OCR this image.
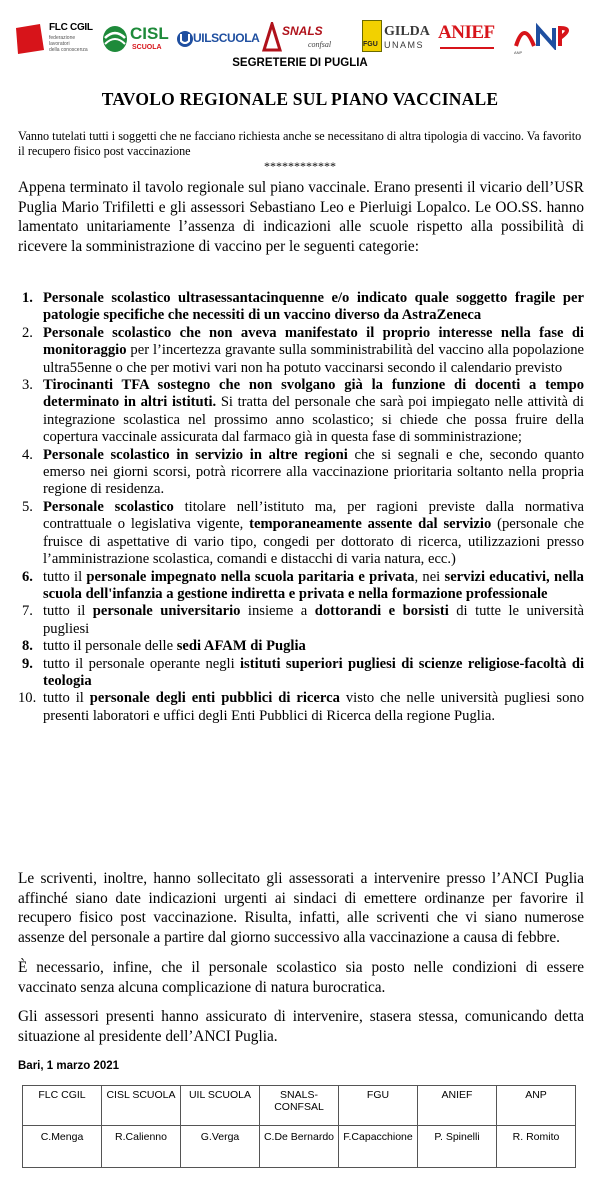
FLC CGIL
federazione
lavoratori
della conoscenza
CISL
SCUOLA
UILSCUOLA SNALS
confsal	FGU
GILDA
UNAMS
ANIEF
ANP
SEGRETERIE DI PUGLIA
TAVOLO REGIONALE SUL PIANO VACCINALE
Vanno tutelati tutti i soggetti che ne facciano richiesta anche se necessitano di altra tipologia di vaccino. Va favorito il recupero fisico post vaccinazione
************
Appena terminato il tavolo regionale sul piano vaccinale. Erano presenti il vicario dell’USR Puglia Mario Trifiletti e gli assessori Sebastiano Leo e Pierluigi Lopalco. Le OO.SS. hanno lamentato unitariamente l’assenza di indicazioni alle scuole rispetto alla possibilità di ricevere la somministrazione di vaccino per le seguenti categorie:
1. Personale scolastico ultrasessantacinquenne e/o indicato quale soggetto fragile per patologie specifiche che necessiti di un vaccino diverso da AstraZeneca
2. Personale scolastico che non aveva manifestato il proprio interesse nella fase di monitoraggio per l’incertezza gravante sulla somministrabilità del vaccino alla popolazione ultra55enne o che per motivi vari non ha potuto vaccinarsi secondo il calendario previsto
3. Tirocinanti TFA sostegno che non svolgano già la funzione di docenti a tempo determinato in altri istituti. Si tratta del personale che sarà poi impiegato nelle attività di integrazione scolastica nel prossimo anno scolastico; si chiede che possa fruire della copertura vaccinale assicurata dal farmaco già in questa fase di somministrazione;
4. Personale scolastico in servizio in altre regioni che si segnali e che, secondo quanto emerso nei giorni scorsi, potrà ricorrere alla vaccinazione prioritaria soltanto nella propria regione di residenza.
5. Personale scolastico titolare nell’istituto ma, per ragioni previste dalla normativa contrattuale o legislativa vigente, temporaneamente assente dal servizio (personale che fruisce di aspettative di vario tipo, congedi per dottorato di ricerca, utilizzazioni presso l’amministrazione scolastica, comandi e distacchi di varia natura, ecc.)
6. tutto il personale impegnato nella scuola paritaria e privata, nei servizi educativi, nella scuola dell'infanzia a gestione indiretta e privata e nella formazione professionale
7. tutto il personale universitario insieme a dottorandi e borsisti di tutte le università pugliesi
8. tutto il personale delle sedi AFAM di Puglia
9. tutto il personale operante negli istituti superiori pugliesi di scienze religiose-facoltà di teologia
10. tutto il personale degli enti pubblici di ricerca visto che nelle università pugliesi sono presenti laboratori e uffici degli Enti Pubblici di Ricerca della regione Puglia.
Le scriventi, inoltre, hanno sollecitato gli assessorati a intervenire presso l’ANCI Puglia affinché siano date indicazioni urgenti ai sindaci di emettere ordinanze per favorire il recupero fisico post vaccinazione. Risulta, infatti, alle scriventi che vi siano numerose assenze del personale a partire dal giorno successivo alla vaccinazione a causa di febbre.
È necessario, infine, che il personale scolastico sia posto nelle condizioni di essere vaccinato senza alcuna complicazione di natura burocratica.
Gli assessori presenti hanno assicurato di intervenire, stasera stessa, comunicando detta situazione al presidente dell’ANCI Puglia.
Bari, 1 marzo 2021
FLC CGIL	CISL SCUOLA	UIL SCUOLA	SNALS-CONFSAL	FGU	ANIEF	ANP
C.Menga	R.Calienno	G.Verga	C.De Bernardo	F.Capacchione	P. Spinelli	R. Romito
